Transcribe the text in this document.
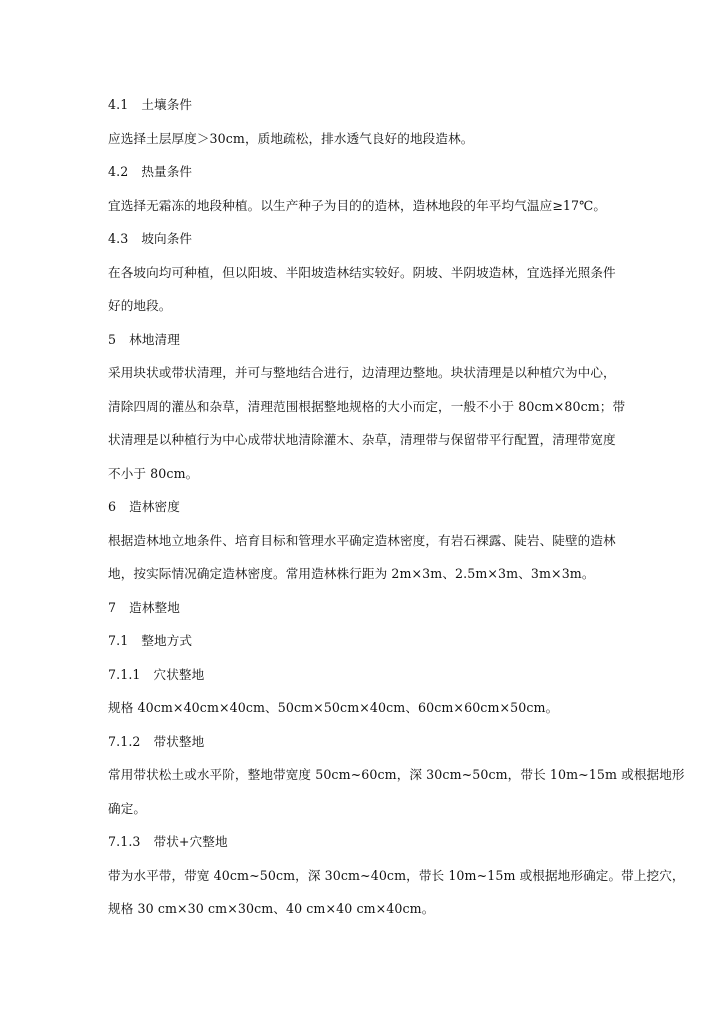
4.1 土壤条件
应选择土层厚度＞30cm，质地疏松，排水透气良好的地段造林。
4.2 热量条件
宜选择无霜冻的地段种植。以生产种子为目的的造林，造林地段的年平均气温应≥17℃。
4.3 坡向条件
在各坡向均可种植，但以阳坡、半阳坡造林结实较好。阴坡、半阴坡造林，宜选择光照条件
好的地段。
5 林地清理
采用块状或带状清理，并可与整地结合进行，边清理边整地。块状清理是以种植穴为中心，
清除四周的灌丛和杂草，清理范围根据整地规格的大小而定，一般不小于 80cm×80cm；带
状清理是以种植行为中心成带状地清除灌木、杂草，清理带与保留带平行配置，清理带宽度
不小于 80cm。
6 造林密度
根据造林地立地条件、培育目标和管理水平确定造林密度，有岩石裸露、陡岩、陡壁的造林
地，按实际情况确定造林密度。常用造林株行距为 2m×3m、2.5m×3m、3m×3m。
7 造林整地
7.1 整地方式
7.1.1 穴状整地
规格 40cm×40cm×40cm、50cm×50cm×40cm、60cm×60cm×50cm。
7.1.2 带状整地
常用带状松土或水平阶，整地带宽度 50cm~60cm，深 30cm~50cm，带长 10m~15m 或根据地形
确定。
7.1.3 带状+穴整地
带为水平带，带宽 40cm~50cm，深 30cm~40cm，带长 10m~15m 或根据地形确定。带上挖穴，
规格 30 cm×30 cm×30cm、40 cm×40 cm×40cm。
